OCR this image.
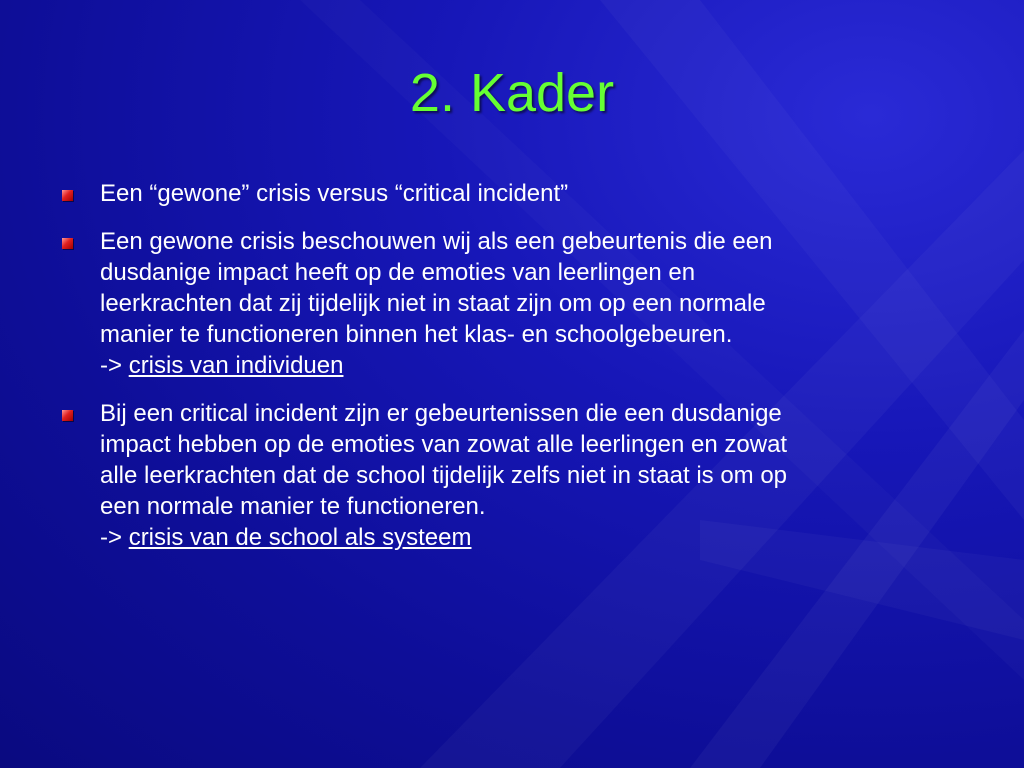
2. Kader
Een “gewone” crisis versus “critical incident”
Een gewone crisis beschouwen wij als een gebeurtenis die een
dusdanige impact heeft op de emoties van leerlingen en
leerkrachten dat zij tijdelijk niet in staat zijn om op een normale
manier te functioneren binnen het klas- en schoolgebeuren.
-> crisis van individuen
Bij een critical incident zijn er gebeurtenissen die een dusdanige
impact hebben op de emoties van zowat alle leerlingen en zowat
alle leerkrachten dat de school tijdelijk zelfs niet in staat is om op
een normale manier te functioneren.
-> crisis van de school als systeem
